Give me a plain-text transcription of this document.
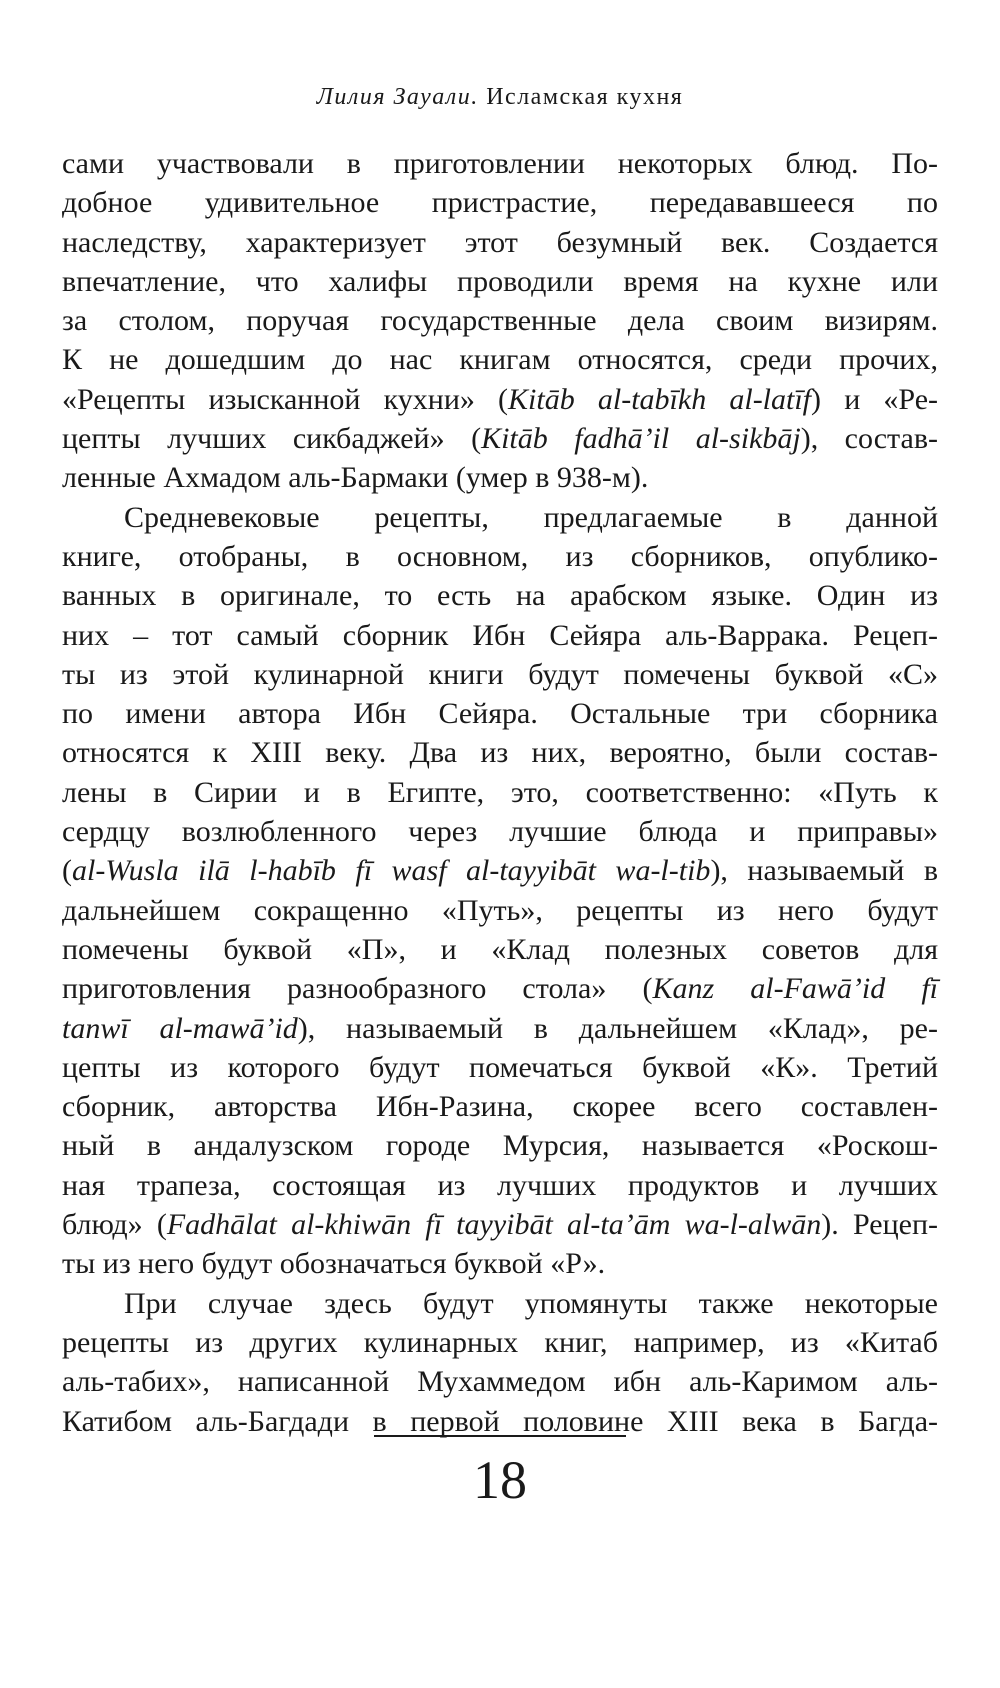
Лилия Зауали. Исламская кухня
сами участвовали в приготовлении некоторых блюд. По-
добное удивительное пристрастие, передававшееся по
наследству, характеризует этот безумный век. Создается
впечатление, что халифы проводили время на кухне или
за столом, поручая государственные дела своим визирям.
К не дошедшим до нас книгам относятся, среди прочих,
«Рецепты изысканной кухни» (Kitāb al-tabīkh al-latīf) и «Ре-
цепты лучших сикбаджей» (Kitāb fadhā’il al-sikbāj), состав-
ленные Ахмадом аль-Бармаки (умер в 938-м).
Средневековые рецепты, предлагаемые в данной
книге, отобраны, в основном, из сборников, опублико-
ванных в оригинале, то есть на арабском языке. Один из
них – тот самый сборник Ибн Сейяра аль-Варрака. Рецеп-
ты из этой кулинарной книги будут помечены буквой «С»
по имени автора Ибн Сейяра. Остальные три сборника
относятся к XIII веку. Два из них, вероятно, были состав-
лены в Сирии и в Египте, это, соответственно: «Путь к
сердцу возлюбленного через лучшие блюда и приправы»
(al-Wusla ilā l-habīb fī wasf al-tayyibāt wa-l-tib), называемый в
дальнейшем сокращенно «Путь», рецепты из него будут
помечены буквой «П», и «Клад полезных советов для
приготовления разнообразного стола» (Kanz al-Fawā’id fī
tanwī al-mawā’id), называемый в дальнейшем «Клад», ре-
цепты из которого будут помечаться буквой «К». Третий
сборник, авторства Ибн-Разина, скорее всего составлен-
ный в андалузском городе Мурсия, называется «Роскош-
ная трапеза, состоящая из лучших продуктов и лучших
блюд» (Fadhālat al-khiwān fī tayyibāt al-ta’ām wa-l-alwān). Рецеп-
ты из него будут обозначаться буквой «Р».
При случае здесь будут упомянуты также некоторые
рецепты из других кулинарных книг, например, из «Китаб
аль-табих», написанной Мухаммедом ибн аль-Каримом аль-
Катибом аль-Багдади в первой половине XIII века в Багда-
18
